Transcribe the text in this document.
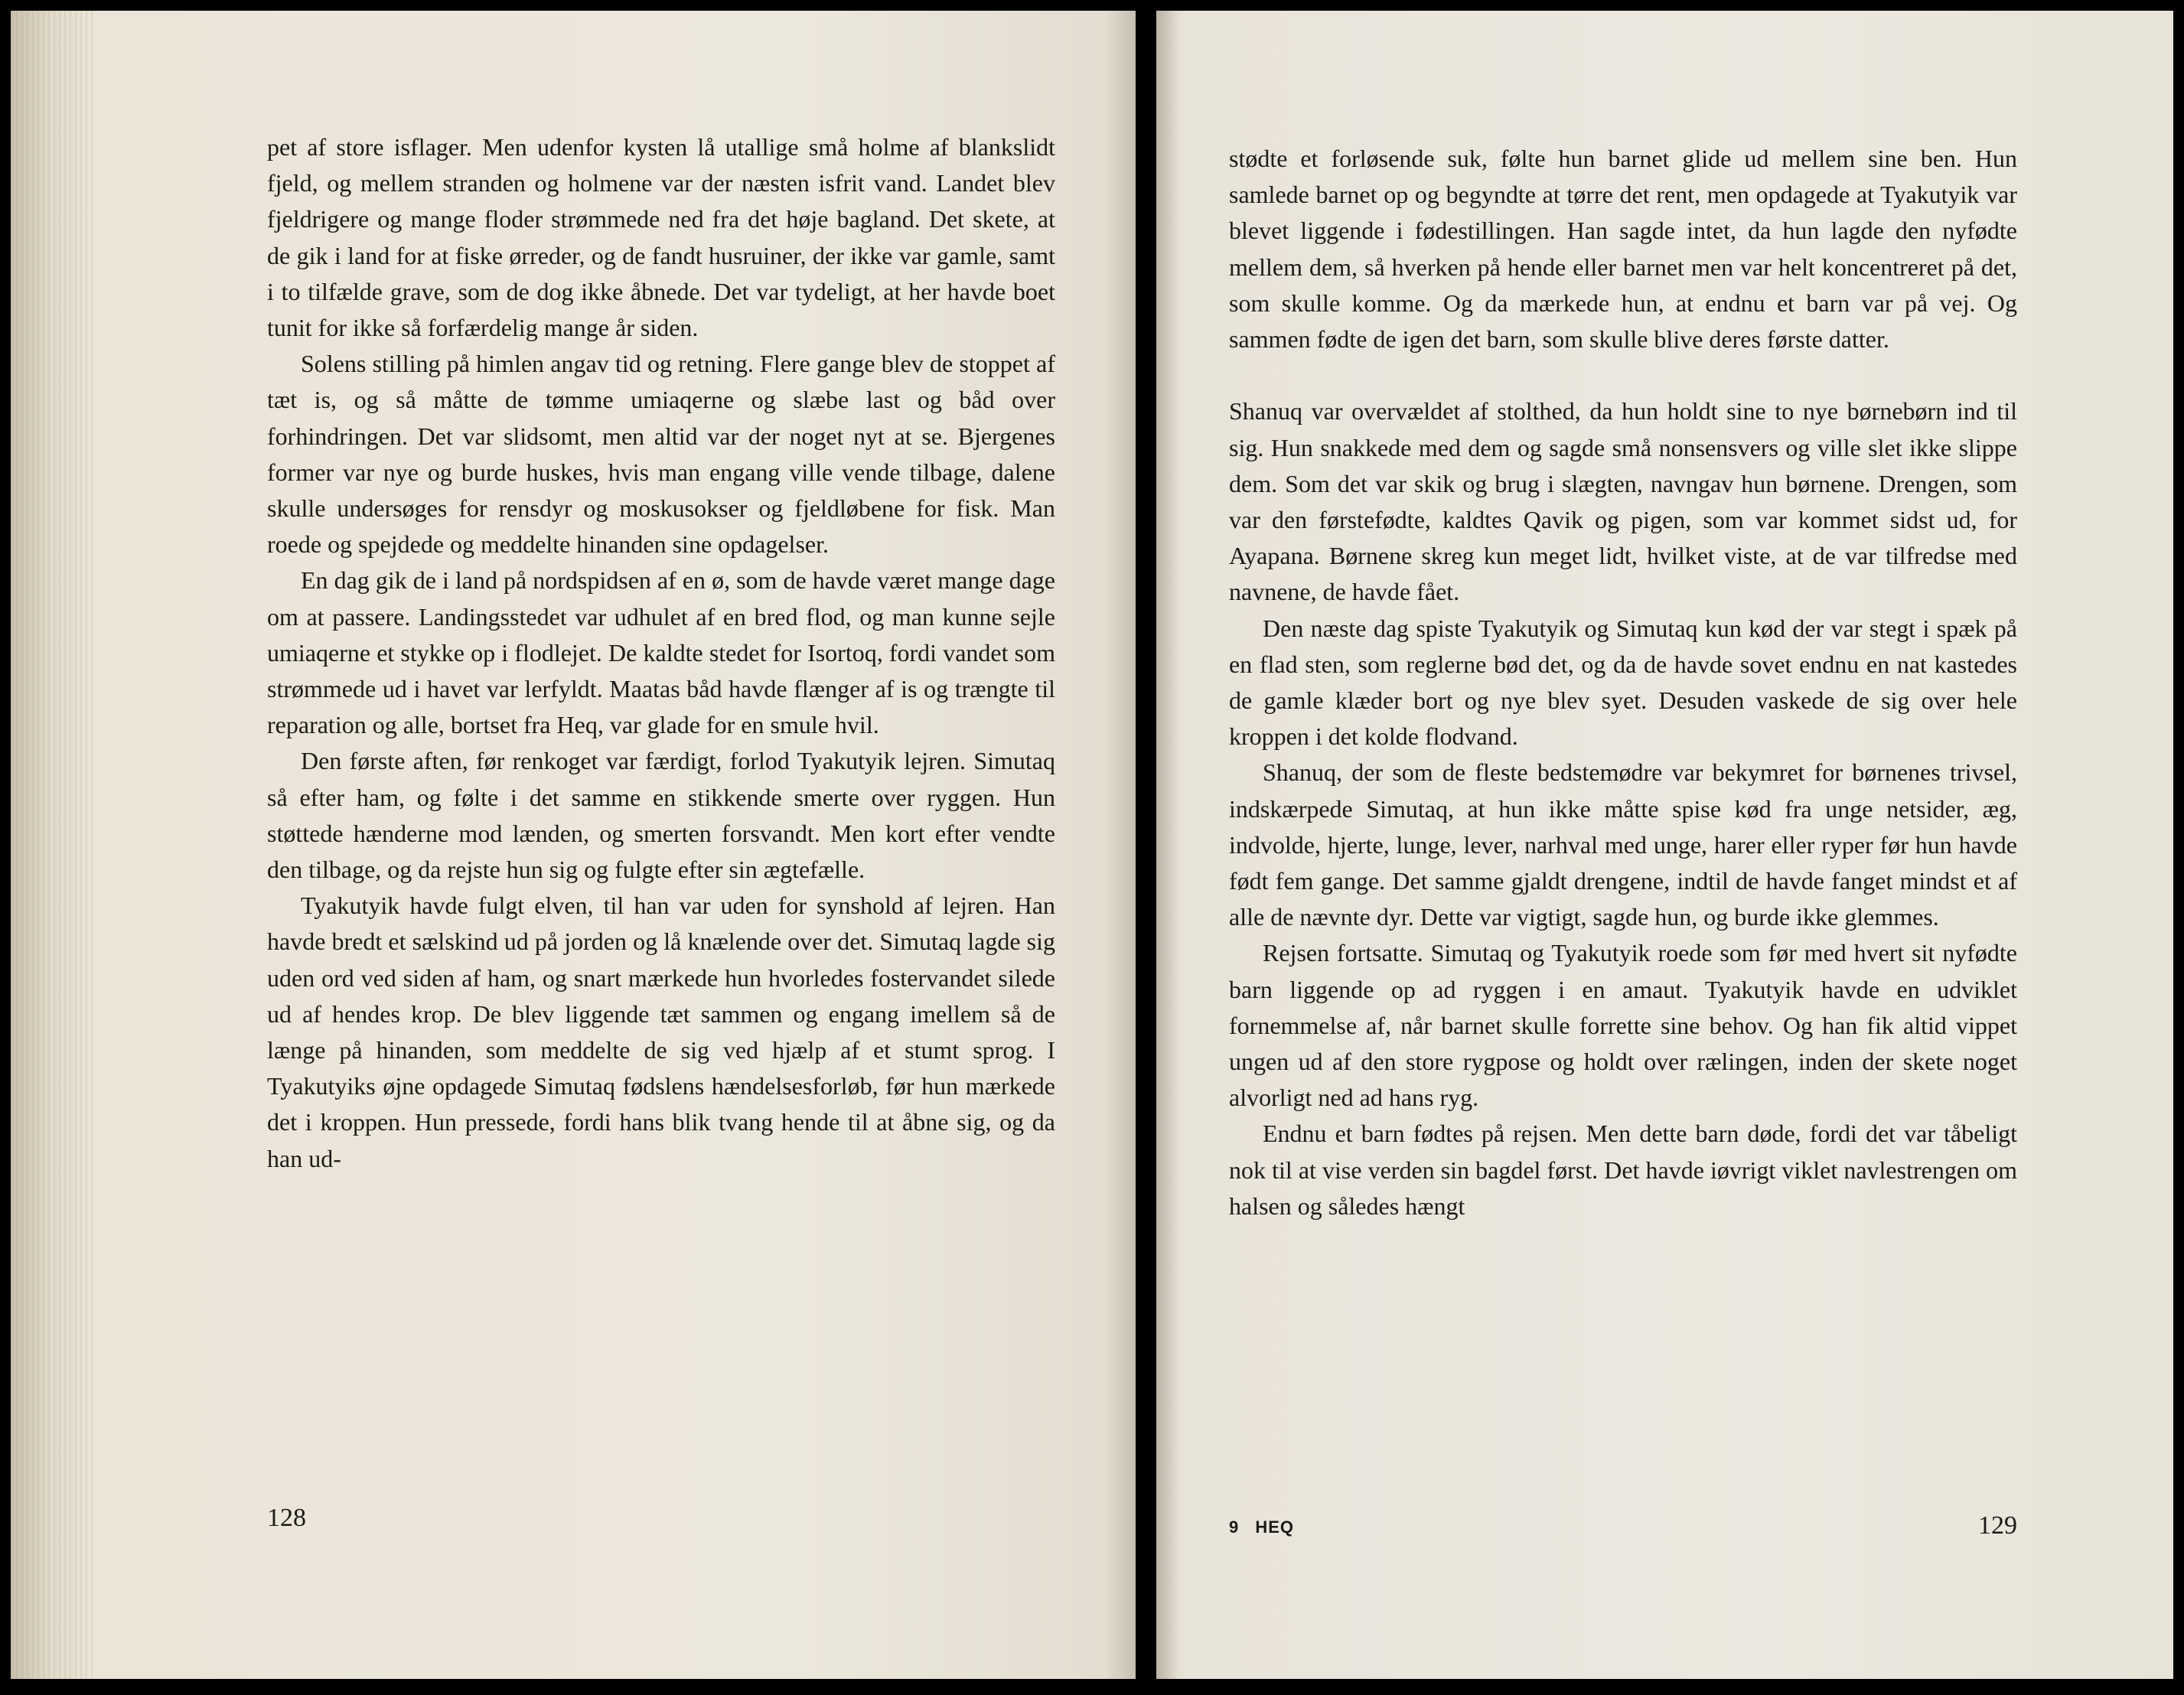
pet af store isflager. Men udenfor kysten lå utallige små holme af blankslidt fjeld, og mellem stranden og holmene var der næsten isfrit vand. Landet blev fjeldrigere og mange floder strømmede ned fra det høje bagland. Det skete, at de gik i land for at fiske ørreder, og de fandt husruiner, der ikke var gamle, samt i to tilfælde grave, som de dog ikke åbnede. Det var tydeligt, at her havde boet tunit for ikke så forfærdelig mange år siden.

Solens stilling på himlen angav tid og retning. Flere gange blev de stoppet af tæt is, og så måtte de tømme umiaqerne og slæbe last og båd over forhindringen. Det var slidsomt, men altid var der noget nyt at se. Bjergenes former var nye og burde huskes, hvis man engang ville vende tilbage, dalene skulle undersøges for rensdyr og moskusokser og fjeldløbene for fisk. Man roede og spejdede og meddelte hinanden sine opdagelser.

En dag gik de i land på nordspidsen af en ø, som de havde været mange dage om at passere. Landingsstedet var udhulet af en bred flod, og man kunne sejle umiaqerne et stykke op i flodlejet. De kaldte stedet for Isortoq, fordi vandet som strømmede ud i havet var lerfyldt. Maatas båd havde flænger af is og trængte til reparation og alle, bortset fra Heq, var glade for en smule hvil.

Den første aften, før renkoget var færdigt, forlod Tyakutyik lejren. Simutaq så efter ham, og følte i det samme en stikkende smerte over ryggen. Hun støttede hænderne mod lænden, og smerten forsvandt. Men kort efter vendte den tilbage, og da rejste hun sig og fulgte efter sin ægtefælle.

Tyakutyik havde fulgt elven, til han var uden for synshold af lejren. Han havde bredt et sælskind ud på jorden og lå knælende over det. Simutaq lagde sig uden ord ved siden af ham, og snart mærkede hun hvorledes fostervandet silede ud af hendes krop. De blev liggende tæt sammen og engang imellem så de længe på hinanden, som meddelte de sig ved hjælp af et stumt sprog. I Tyakutyiks øjne opdagede Simutaq fødslens hændelsesforløb, før hun mærkede det i kroppen. Hun pressede, fordi hans blik tvang hende til at åbne sig, og da han ud-

128

stødte et forløsende suk, følte hun barnet glide ud mellem sine ben. Hun samlede barnet op og begyndte at tørre det rent, men opdagede at Tyakutyik var blevet liggende i fødestillingen. Han sagde intet, da hun lagde den nyfødte mellem dem, så hverken på hende eller barnet men var helt koncentreret på det, som skulle komme. Og da mærkede hun, at endnu et barn var på vej. Og sammen fødte de igen det barn, som skulle blive deres første datter.

Shanuq var overvældet af stolthed, da hun holdt sine to nye børnebørn ind til sig. Hun snakkede med dem og sagde små nonsensvers og ville slet ikke slippe dem. Som det var skik og brug i slægten, navngav hun børnene. Drengen, som var den førstefødte, kaldtes Qavik og pigen, som var kommet sidst ud, for Ayapana. Børnene skreg kun meget lidt, hvilket viste, at de var tilfredse med navnene, de havde fået.

Den næste dag spiste Tyakutyik og Simutaq kun kød der var stegt i spæk på en flad sten, som reglerne bød det, og da de havde sovet endnu en nat kastedes de gamle klæder bort og nye blev syet. Desuden vaskede de sig over hele kroppen i det kolde flodvand.

Shanuq, der som de fleste bedstemødre var bekymret for børnenes trivsel, indskærpede Simutaq, at hun ikke måtte spise kød fra unge netsider, æg, indvolde, hjerte, lunge, lever, narhval med unge, harer eller ryper før hun havde født fem gange. Det samme gjaldt drengene, indtil de havde fanget mindst et af alle de nævnte dyr. Dette var vigtigt, sagde hun, og burde ikke glemmes.

Rejsen fortsatte. Simutaq og Tyakutyik roede som før med hvert sit nyfødte barn liggende op ad ryggen i en amaut. Tyakutyik havde en udviklet fornemmelse af, når barnet skulle forrette sine behov. Og han fik altid vippet ungen ud af den store rygpose og holdt over rælingen, inden der skete noget alvorligt ned ad hans ryg.

Endnu et barn fødtes på rejsen. Men dette barn døde, fordi det var tåbeligt nok til at vise verden sin bagdel først. Det havde iøvrigt viklet navlestrengen om halsen og således hængt

9 HEQ	129
